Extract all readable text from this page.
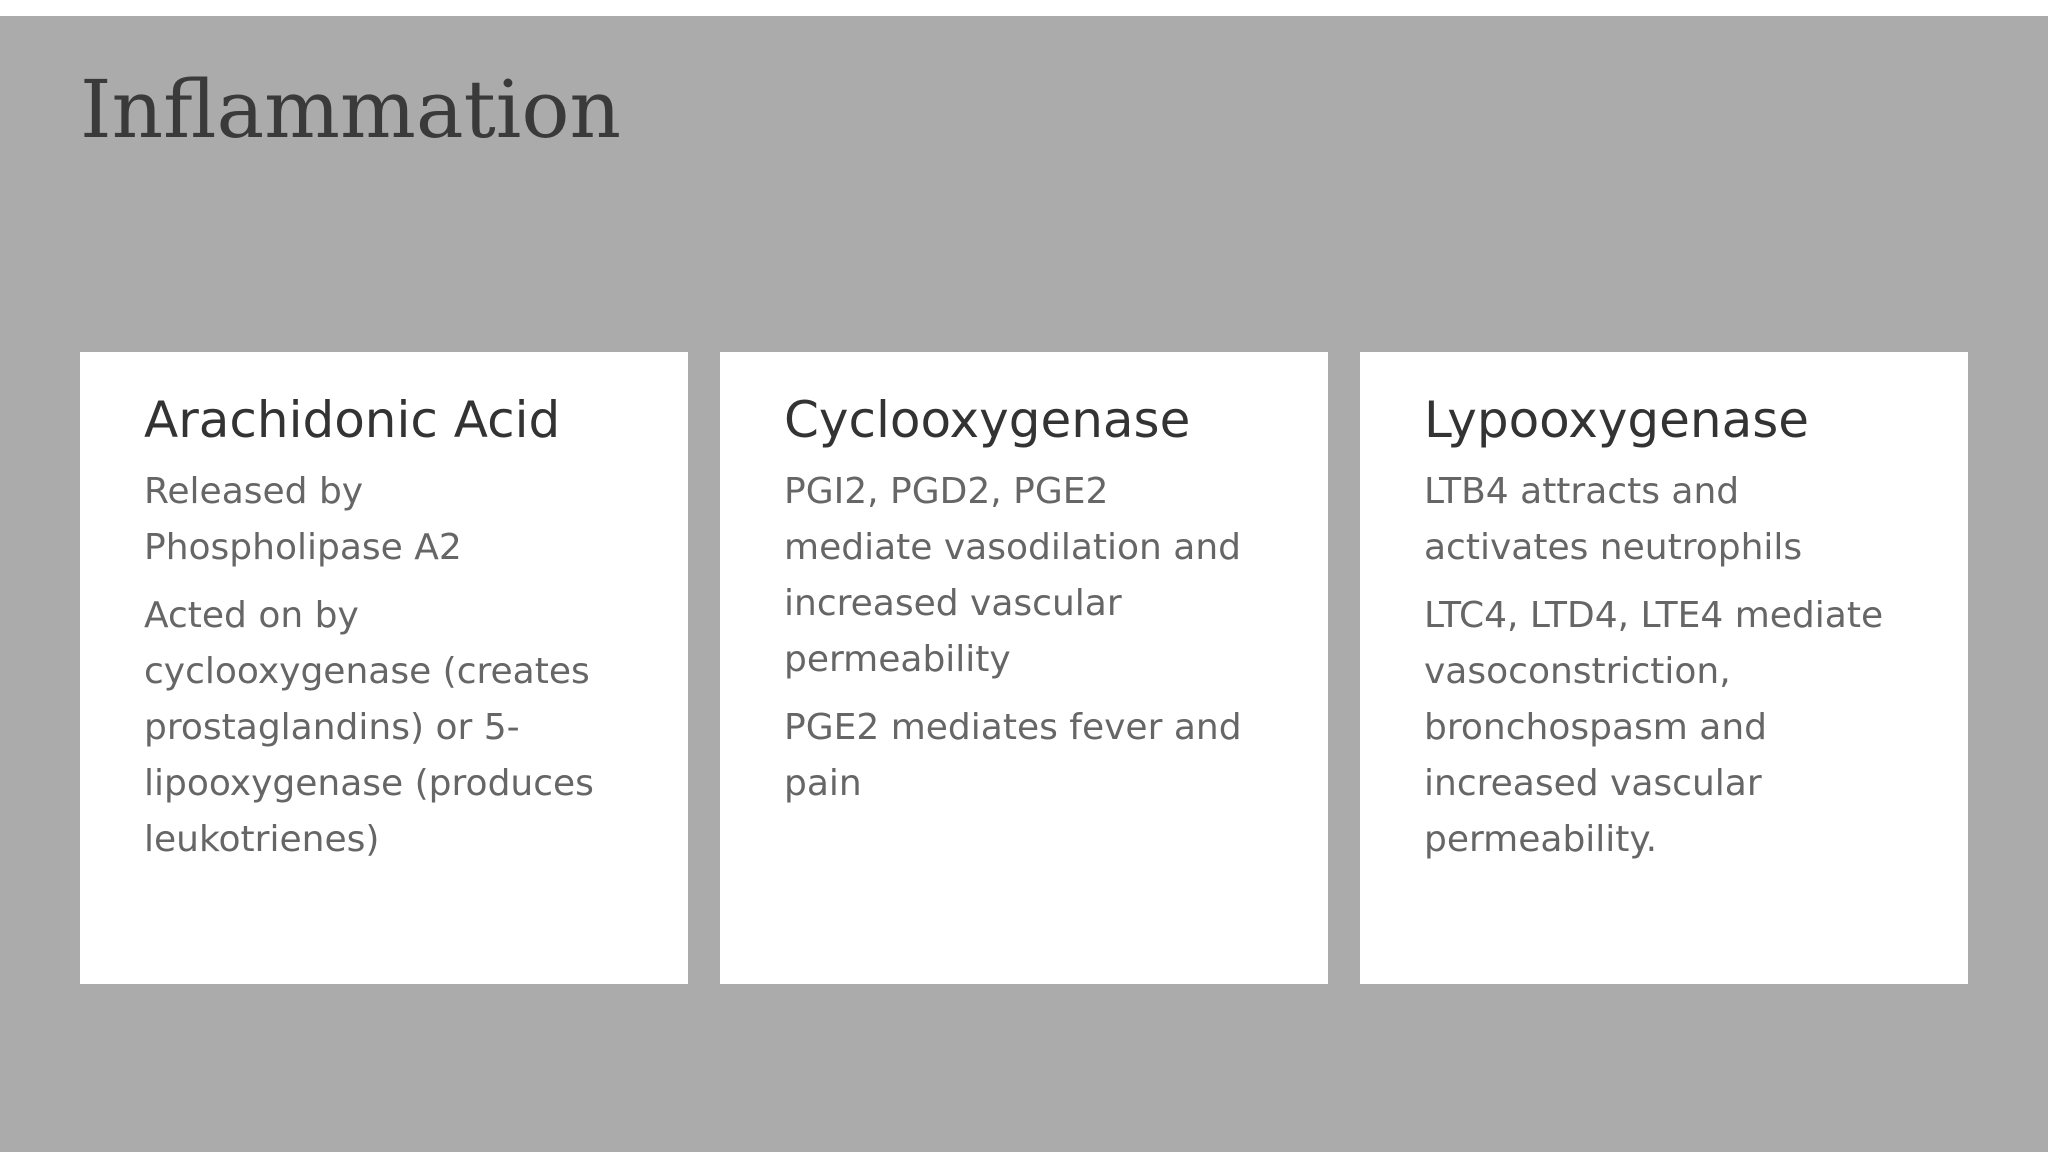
Inflammation
Arachidonic Acid

Released by Phospholipase A2

Acted on by cyclooxygenase (creates prostaglandins) or 5-lipooxygenase (produces leukotrienes)

Cyclooxygenase

PGI2, PGD2, PGE2 mediate vasodilation and increased vascular permeability

PGE2 mediates fever and pain

Lypooxygenase

LTB4 attracts and activates neutrophils

LTC4, LTD4, LTE4 mediate vasoconstriction, bronchospasm and increased vascular permeability.
